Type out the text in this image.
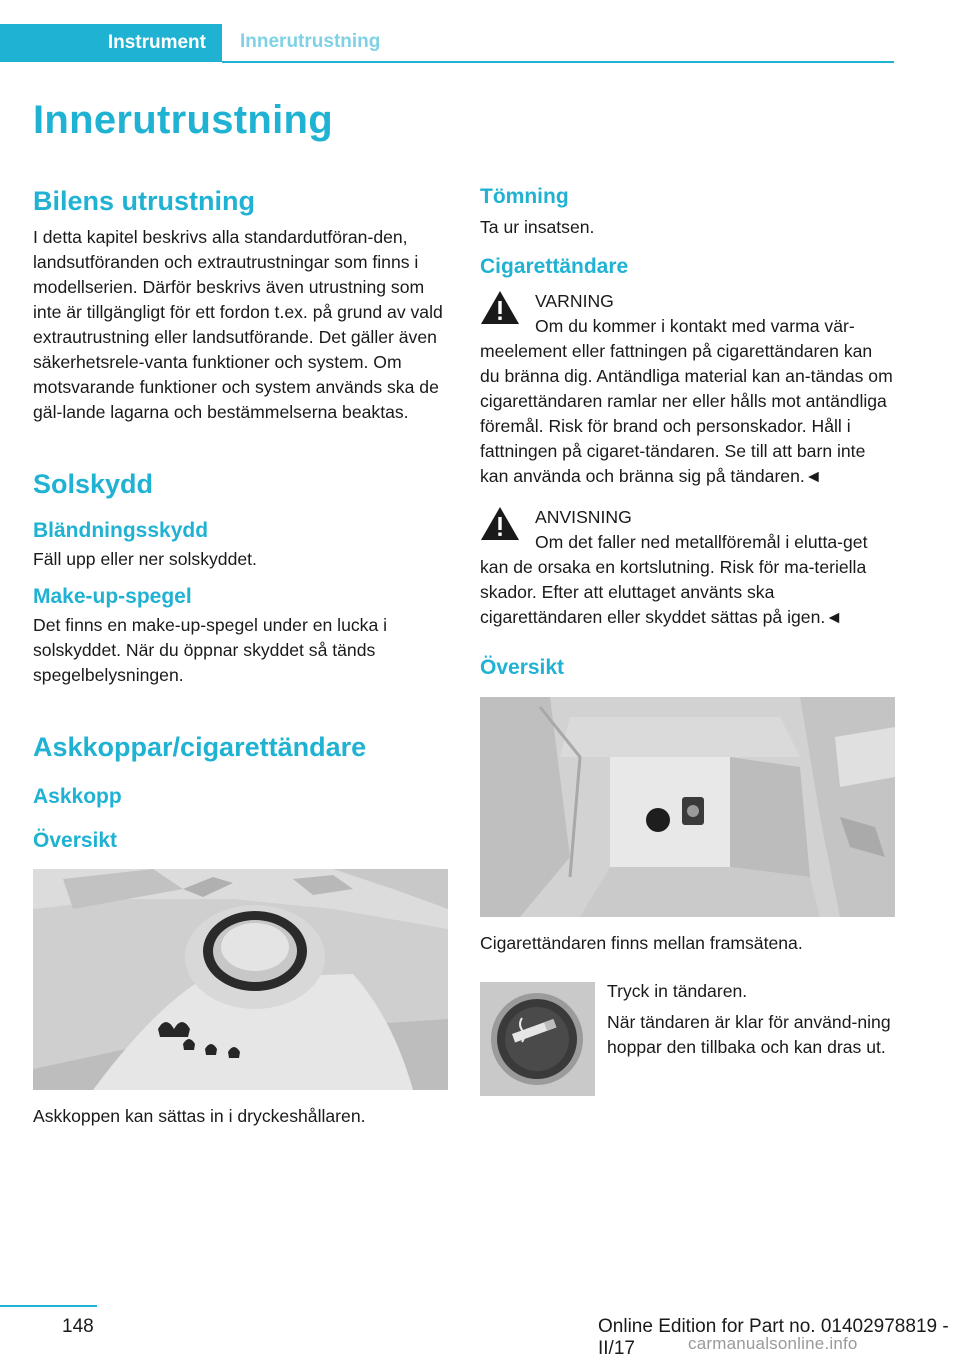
Instrument Innerutrustning
Innerutrustning
Bilens utrustning

I detta kapitel beskrivs alla standardutföran-den, landsutföranden och extrautrustningar som finns i modellserien. Därför beskrivs även utrustning som inte är tillgängligt för ett fordon t.ex. på grund av vald extrautrustning eller landsutförande. Det gäller även säkerhetsrele-vanta funktioner och system. Om motsvarande funktioner och system används ska de gäl-lande lagarna och bestämmelserna beaktas.

Solskydd
Bländningsskydd

Fäll upp eller ner solskyddet.

Make-up-spegel

Det finns en make-up-spegel under en lucka i solskyddet. När du öppnar skyddet så tänds spegelbelysningen.

Askkoppar/cigarettändare
Askkopp
Översikt

Askkoppen kan sättas in i dryckeshållaren.

Tömning

Ta ur insatsen.

Cigarettändare
VARNING

Om du kommer i kontakt med varma vär-meelement eller fattningen på cigarettändaren kan du bränna dig. Antändliga material kan an-tändas om cigarettändaren ramlar ner eller hålls mot antändliga föremål. Risk för brand och personskador. Håll i fattningen på cigaret-tändaren. Se till att barn inte kan använda och bränna sig på tändaren.◄

ANVISNING

Om det faller ned metallföremål i elutta-get kan de orsaka en kortslutning. Risk för ma-teriella skador. Efter att eluttaget använts ska cigarettändaren eller skyddet sättas på igen.◄

Översikt

Cigarettändaren finns mellan framsätena.

Tryck in tändaren.

När tändaren är klar för använd-ning hoppar den tillbaka och kan dras ut.

148	Online Edition for Part no. 01402978819 - II/17	carmanualsonline.info
